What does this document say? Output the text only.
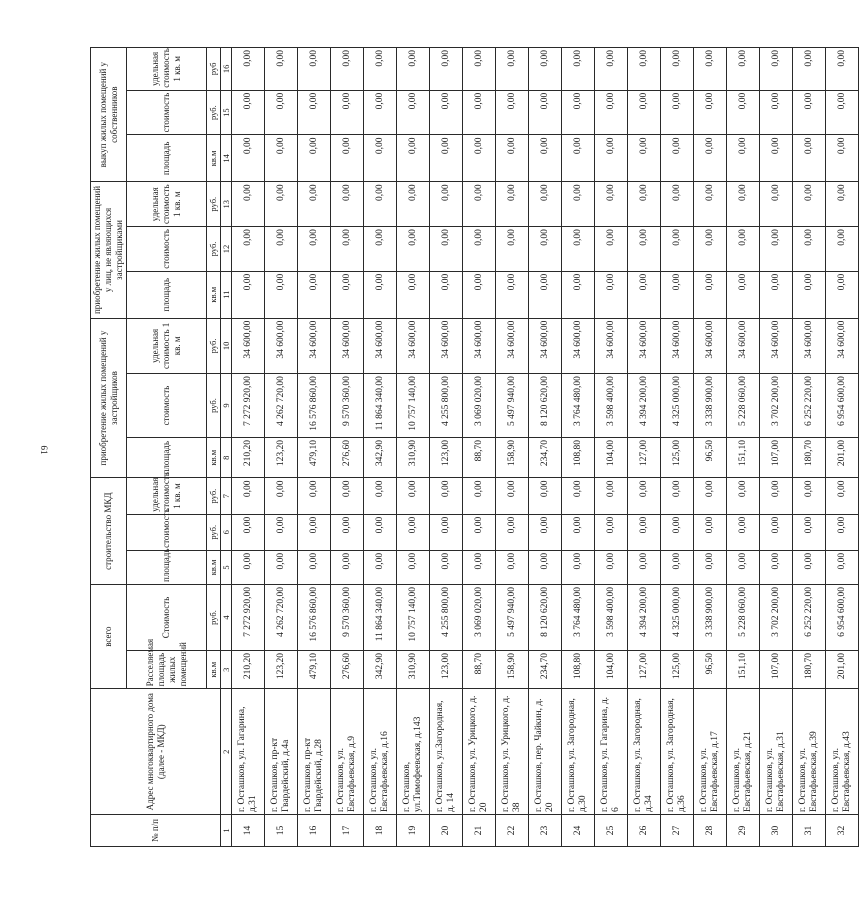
61
№ п/п	Адрес многоквартирного дома (далее - МКД)	всего		строительство МКД			приобретение жилых помещений у застройщиков			приобретение жилых помещений у лиц, не являющихся застройщиками			выкуп жилых помещений у собственников		
		Расселяемая площадь жилых помещений	Стоимость	площадь	стоимость	удельная стоимость 1 кв. м	площадь	стоимость	удельная стоимость 1 кв. м	площадь	стоимость	удельная стоимость 1 кв. м	площадь	стоимость	удельная стоимость 1 кв. м
		кв.м	руб.	кв.м	руб.	руб.	кв.м	руб.	руб.	кв.м	руб.	руб.	кв.м	руб.	руб
1	2	3	4	5	6	7	8	9	10	11	12	13	14	15	16
14	г. Осташков, ул. Гагарина, д.31	210,20	7 272 920,00	0,00	0,00	0,00	210,20	7 272 920,00	34 600,00	0,00	0,00	0,00	0,00	0,00	0,00
15	г. Осташков, пр-кт Гвардейский, д.4а	123,20	4 262 720,00	0,00	0,00	0,00	123,20	4 262 720,00	34 600,00	0,00	0,00	0,00	0,00	0,00	0,00
16	г. Осташков, пр-кт Гвардейский, д.28	479,10	16 576 860,00	0,00	0,00	0,00	479,10	16 576 860,00	34 600,00	0,00	0,00	0,00	0,00	0,00	0,00
17	г. Осташков, ул. Евстафьевская, д.9	276,60	9 570 360,00	0,00	0,00	0,00	276,60	9 570 360,00	34 600,00	0,00	0,00	0,00	0,00	0,00	0,00
18	г. Осташков, ул. Евстафьевская, д.16	342,90	11 864 340,00	0,00	0,00	0,00	342,90	11 864 340,00	34 600,00	0,00	0,00	0,00	0,00	0,00	0,00
19	г. Осташков, ул.Тимофеевская, д.143	310,90	10 757 140,00	0,00	0,00	0,00	310,90	10 757 140,00	34 600,00	0,00	0,00	0,00	0,00	0,00	0,00
20	г. Осташков, ул.Загородная, д. 14	123,00	4 255 800,00	0,00	0,00	0,00	123,00	4 255 800,00	34 600,00	0,00	0,00	0,00	0,00	0,00	0,00
21	г. Осташков, ул. Урицкого, д. 20	88,70	3 069 020,00	0,00	0,00	0,00	88,70	3 069 020,00	34 600,00	0,00	0,00	0,00	0,00	0,00	0,00
22	г. Осташков, ул. Урицкого, д. 38	158,90	5 497 940,00	0,00	0,00	0,00	158,90	5 497 940,00	34 600,00	0,00	0,00	0,00	0,00	0,00	0,00
23	г. Осташков, пер. Чайкин, д. 20	234,70	8 120 620,00	0,00	0,00	0,00	234,70	8 120 620,00	34 600,00	0,00	0,00	0,00	0,00	0,00	0,00
24	г. Осташков, ул. Загородная, д.30	108,80	3 764 480,00	0,00	0,00	0,00	108,80	3 764 480,00	34 600,00	0,00	0,00	0,00	0,00	0,00	0,00
25	г. Осташков, ул. Гагарина, д. 6	104,00	3 598 400,00	0,00	0,00	0,00	104,00	3 598 400,00	34 600,00	0,00	0,00	0,00	0,00	0,00	0,00
26	г. Осташков, ул. Загородная, д.34	127,00	4 394 200,00	0,00	0,00	0,00	127,00	4 394 200,00	34 600,00	0,00	0,00	0,00	0,00	0,00	0,00
27	г. Осташков, ул. Загородная, д.36	125,00	4 325 000,00	0,00	0,00	0,00	125,00	4 325 000,00	34 600,00	0,00	0,00	0,00	0,00	0,00	0,00
28	г. Осташков, ул. Евстафьевская, д.17	96,50	3 338 900,00	0,00	0,00	0,00	96,50	3 338 900,00	34 600,00	0,00	0,00	0,00	0,00	0,00	0,00
29	г. Осташков, ул. Евстафьевская, д.21	151,10	5 228 060,00	0,00	0,00	0,00	151,10	5 228 060,00	34 600,00	0,00	0,00	0,00	0,00	0,00	0,00
30	г. Осташков, ул. Евстафьевская, д.31	107,00	3 702 200,00	0,00	0,00	0,00	107,00	3 702 200,00	34 600,00	0,00	0,00	0,00	0,00	0,00	0,00
31	г. Осташков, ул. Евстафьевская, д.39	180,70	6 252 220,00	0,00	0,00	0,00	180,70	6 252 220,00	34 600,00	0,00	0,00	0,00	0,00	0,00	0,00
32	г. Осташков, ул. Евстафьевская, д.43	201,00	6 954 600,00	0,00	0,00	0,00	201,00	6 954 600,00	34 600,00	0,00	0,00	0,00	0,00	0,00	0,00
